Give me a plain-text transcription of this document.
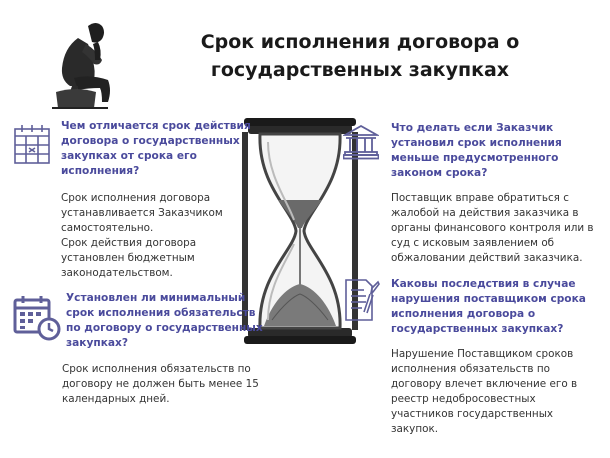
Срок исполнения договора о
государственных закупках
Чем отличается срок действия договора о государственных закупках от срока его исполнения?

Срок исполнения договора устанавливается Заказчиком самостоятельно.

Срок действия договора установлен бюджетным законодательством.

Установлен ли минимальный срок исполнения обязательств по договору о государственных закупках?

Срок исполнения обязательств по договору не должен быть менее 15 календарных дней.

Что делать если Заказчик установил срок исполнения меньше предусмотренного законом срока?

Поставщик вправе обратиться с жалобой на действия заказчика в органы финансового контроля или в суд с исковым заявлением об обжаловании действий заказчика.

Каковы последствия в случае нарушения поставщиком срока исполнения договора о государственных закупках?

Нарушение Поставщиком сроков исполнения обязательств по договору влечет включение его в реестр недобросовестных участников государственных закупок.
